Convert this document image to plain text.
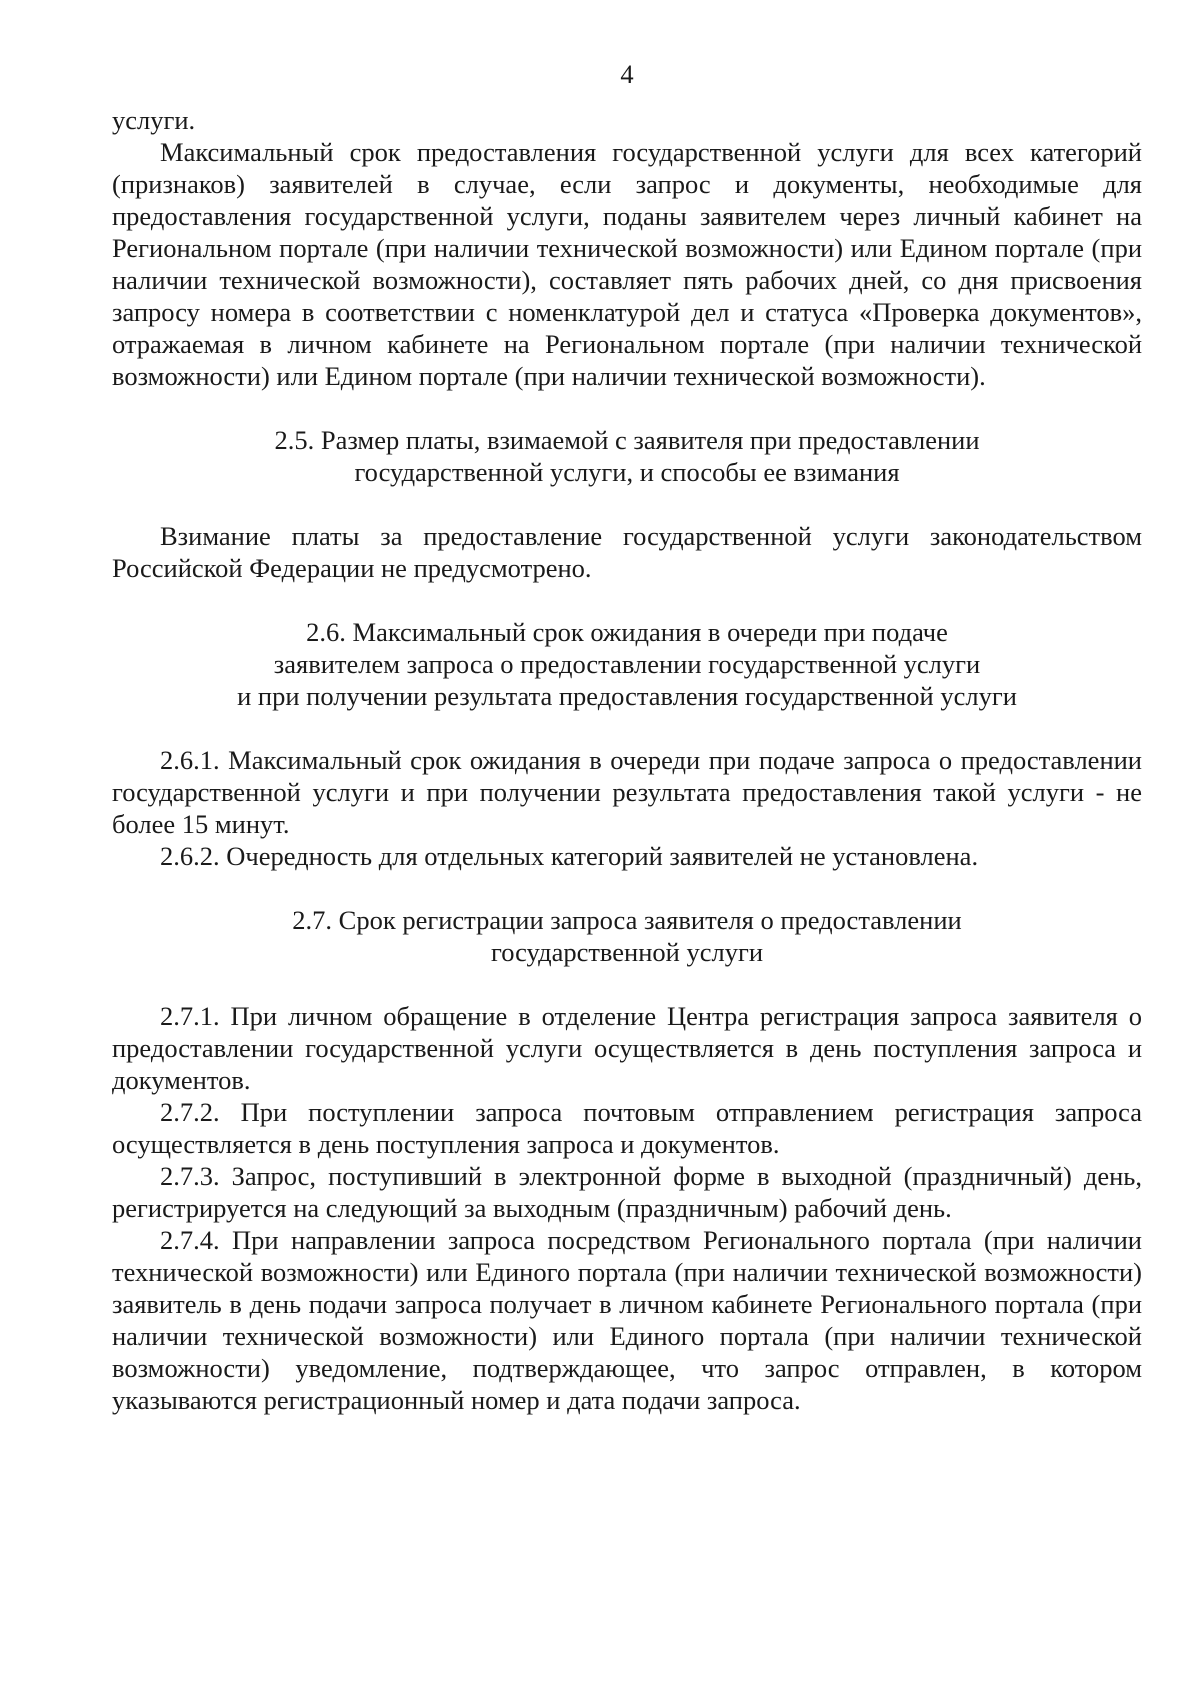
4

услуги.

Максимальный срок предоставления государственной услуги для всех категорий (признаков) заявителей в случае, если запрос и документы, необходимые для предоставления государственной услуги, поданы заявителем через личный кабинет на Региональном портале (при наличии технической возможности) или Едином портале (при наличии технической возможности), составляет пять рабочих дней, со дня присвоения запросу номера в соответствии с номенклатурой дел и статуса «Проверка документов», отражаемая в личном кабинете на Региональном портале (при наличии технической возможности) или Едином портале (при наличии технической возможности).

2.5. Размер платы, взимаемой с заявителя при предоставлении
государственной услуги, и способы ее взимания

Взимание платы за предоставление государственной услуги законодательством Российской Федерации не предусмотрено.

2.6. Максимальный срок ожидания в очереди при подаче
заявителем запроса о предоставлении государственной услуги
и при получении результата предоставления государственной услуги

2.6.1. Максимальный срок ожидания в очереди при подаче запроса о предоставлении государственной услуги и при получении результата предоставления такой услуги - не более 15 минут.

2.6.2. Очередность для отдельных категорий заявителей не установлена.

2.7. Срок регистрации запроса заявителя о предоставлении
государственной услуги

2.7.1. При личном обращение в отделение Центра регистрация запроса заявителя о предоставлении государственной услуги осуществляется в день поступления запроса и документов.

2.7.2. При поступлении запроса почтовым отправлением регистрация запроса осуществляется в день поступления запроса и документов.

2.7.3. Запрос, поступивший в электронной форме в выходной (праздничный) день, регистрируется на следующий за выходным (праздничным) рабочий день.

2.7.4. При направлении запроса посредством Регионального портала (при наличии технической возможности) или Единого портала (при наличии технической возможности) заявитель в день подачи запроса получает в личном кабинете Регионального портала (при наличии технической возможности) или Единого портала (при наличии технической возможности) уведомление, подтверждающее, что запрос отправлен, в котором указываются регистрационный номер и дата подачи запроса.
